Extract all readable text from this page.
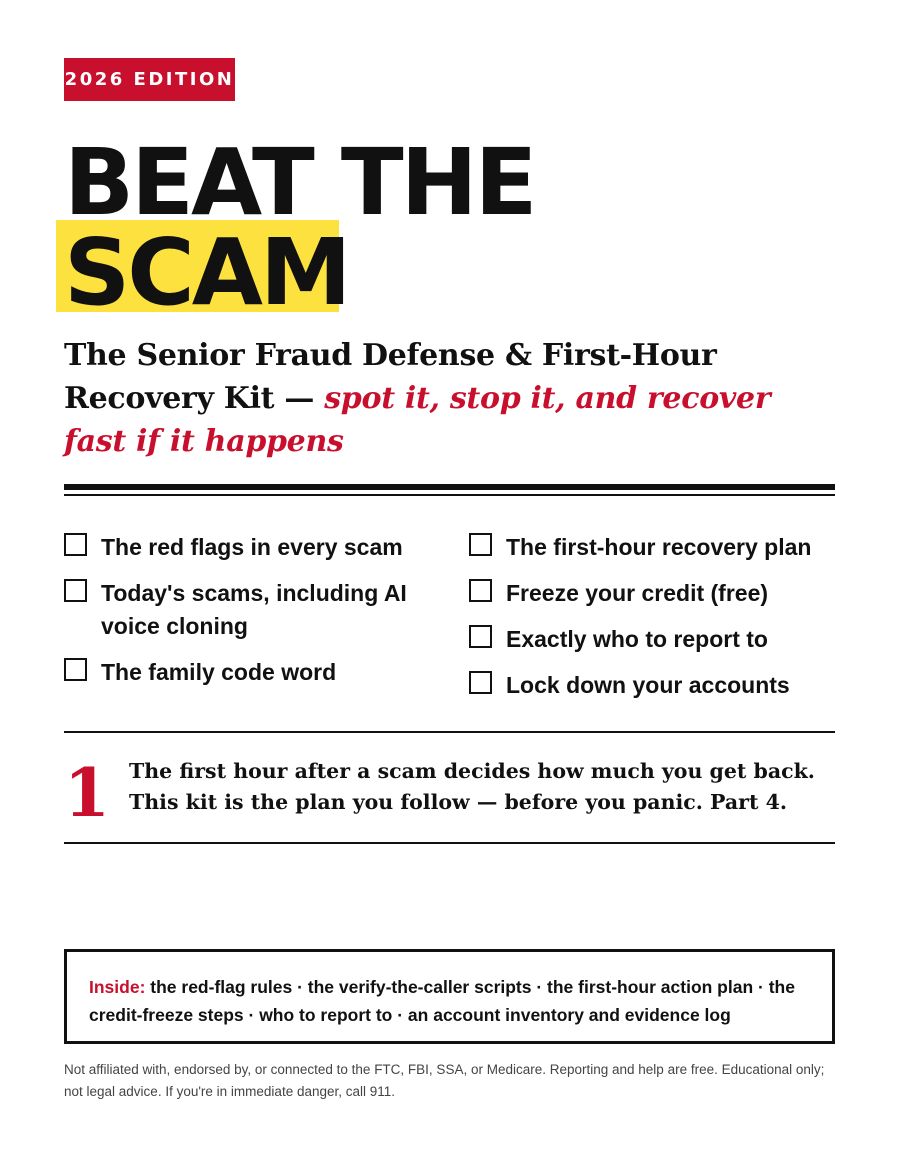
2026 EDITION
BEAT THE
SCAM

The Senior Fraud Defense & First-Hour Recovery Kit — spot it, stop it, and recover fast if it happens

The red flags in every scam
Today's scams, including AI voice cloning
The family code word
The first-hour recovery plan
Freeze your credit (free)
Exactly who to report to
Lock down your accounts
1 The first hour after a scam decides how much you get back. This kit is the plan you follow — before you panic. Part 4.

Inside: the red-flag rules · the verify-the-caller scripts · the first-hour action plan · the credit-freeze steps · who to report to · an account inventory and evidence log

Not affiliated with, endorsed by, or connected to the FTC, FBI, SSA, or Medicare. Reporting and help are free. Educational only; not legal advice. If you're in immediate danger, call 911.
